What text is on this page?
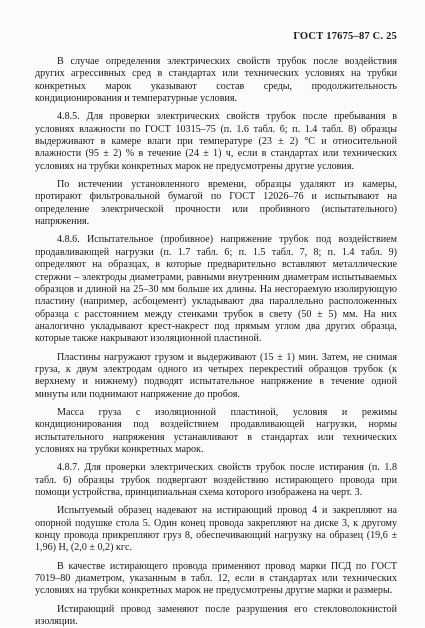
ГОСТ 17675–87 С. 25

В случае определения электрических свойств трубок после воздействия других агрессивных сред в стандартах или технических условиях на трубки конкретных марок указывают состав среды, продолжительность кондиционирования и температурные условия.

4.8.5. Для проверки электрических свойств трубок после пребывания в условиях влажности по ГОСТ 10315–75 (п. 1.6 табл. 6; п. 1.4 табл. 8) образцы выдерживают в камере влаги при температуре (23 ± 2) °С и относительной влажности (95 ± 2) % в течение (24 ± 1) ч, если в стандартах или технических условиях на трубки конкретных марок не предусмотрены другие условия.

По истечении установленного времени, образцы удаляют из камеры, протирают фильтровальной бумагой по ГОСТ 12026–76 и испытывают на определение электрической прочности или пробивного (испытательного) напряжения.

4.8.6. Испытательное (пробивное) напряжение трубок под воздействием продавливающей нагрузки (п. 1.7 табл. 6; п. 1.5 табл. 7, 8; п. 1.4 табл. 9) определяют на образцах, в которые предварительно вставляют металлические стержни – электроды диаметрами, равными внутренним диаметрам испытываемых образцов и длиной на 25–30 мм больше их длины. На несгораемую изолирующую пластину (например, асбоцемент) укладывают два параллельно расположенных образца с расстоянием между стенками трубок в свету (50 ± 5) мм. На них аналогично укладывают крест-накрест под прямым углом два других образца, которые также накрывают изоляционной пластиной.

Пластины нагружают грузом и выдерживают (15 ± 1) мин. Затем, не снимая груза, к двум электродам одного из четырех перекрестий образцов трубок (к верхнему и нижнему) подводят испытательное напряжение в течение одной минуты или поднимают напряжение до пробоя.

Масса груза с изоляционной пластиной, условия и режимы кондиционирования под воздействием продавливающей нагрузки, нормы испытательного напряжения устанавливают в стандартах или технических условиях на трубки конкретных марок.

4.8.7. Для проверки электрических свойств трубок после истирания (п. 1.8 табл. 6) образцы трубок подвергают воздействию истирающего провода при помощи устройства, принципиальная схема которого изображена на черт. 3.

Испытуемый образец надевают на истирающий провод 4 и закрепляют на опорной подушке стола 5. Один конец провода закрепляют на диске 3, к другому концу провода прикрепляют груз 8, обеспечивающий нагрузку на образец (19,6 ± 1,96) Н, (2,0 ± 0,2) кгс.

В качестве истирающего провода применяют провод марки ПСД по ГОСТ 7019–80 диаметром, указанным в табл. 12, если в стандартах или технических условиях на трубки конкретных марок не предусмотрены другие марки и размеры.

Истирающий провод заменяют после разрушения его стекловолокнистой изоляции.
